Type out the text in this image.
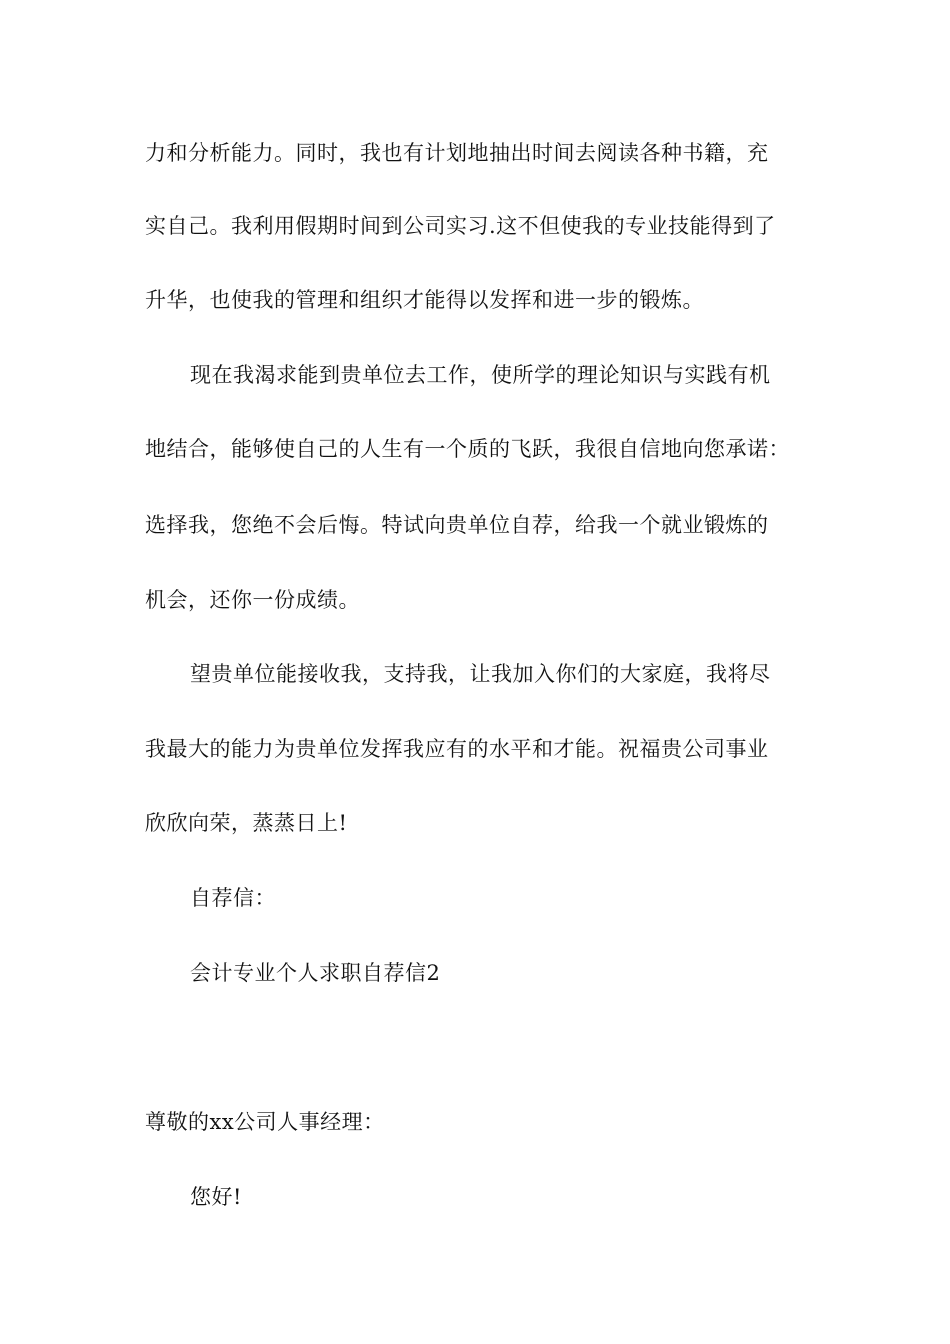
力和分析能力。同时，我也有计划地抽出时间去阅读各种书籍，充
实自己。我利用假期时间到公司实习.这不但使我的专业技能得到了
升华，也使我的管理和组织才能得以发挥和进一步的锻炼。
现在我渴求能到贵单位去工作，使所学的理论知识与实践有机
地结合，能够使自己的人生有一个质的飞跃，我很自信地向您承诺：
选择我，您绝不会后悔。特试向贵单位自荐，给我一个就业锻炼的
机会，还你一份成绩。
望贵单位能接收我，支持我，让我加入你们的大家庭，我将尽
我最大的能力为贵单位发挥我应有的水平和才能。祝福贵公司事业
欣欣向荣，蒸蒸日上!
自荐信：
会计专业个人求职自荐信2
尊敬的xx公司人事经理：
您好!
